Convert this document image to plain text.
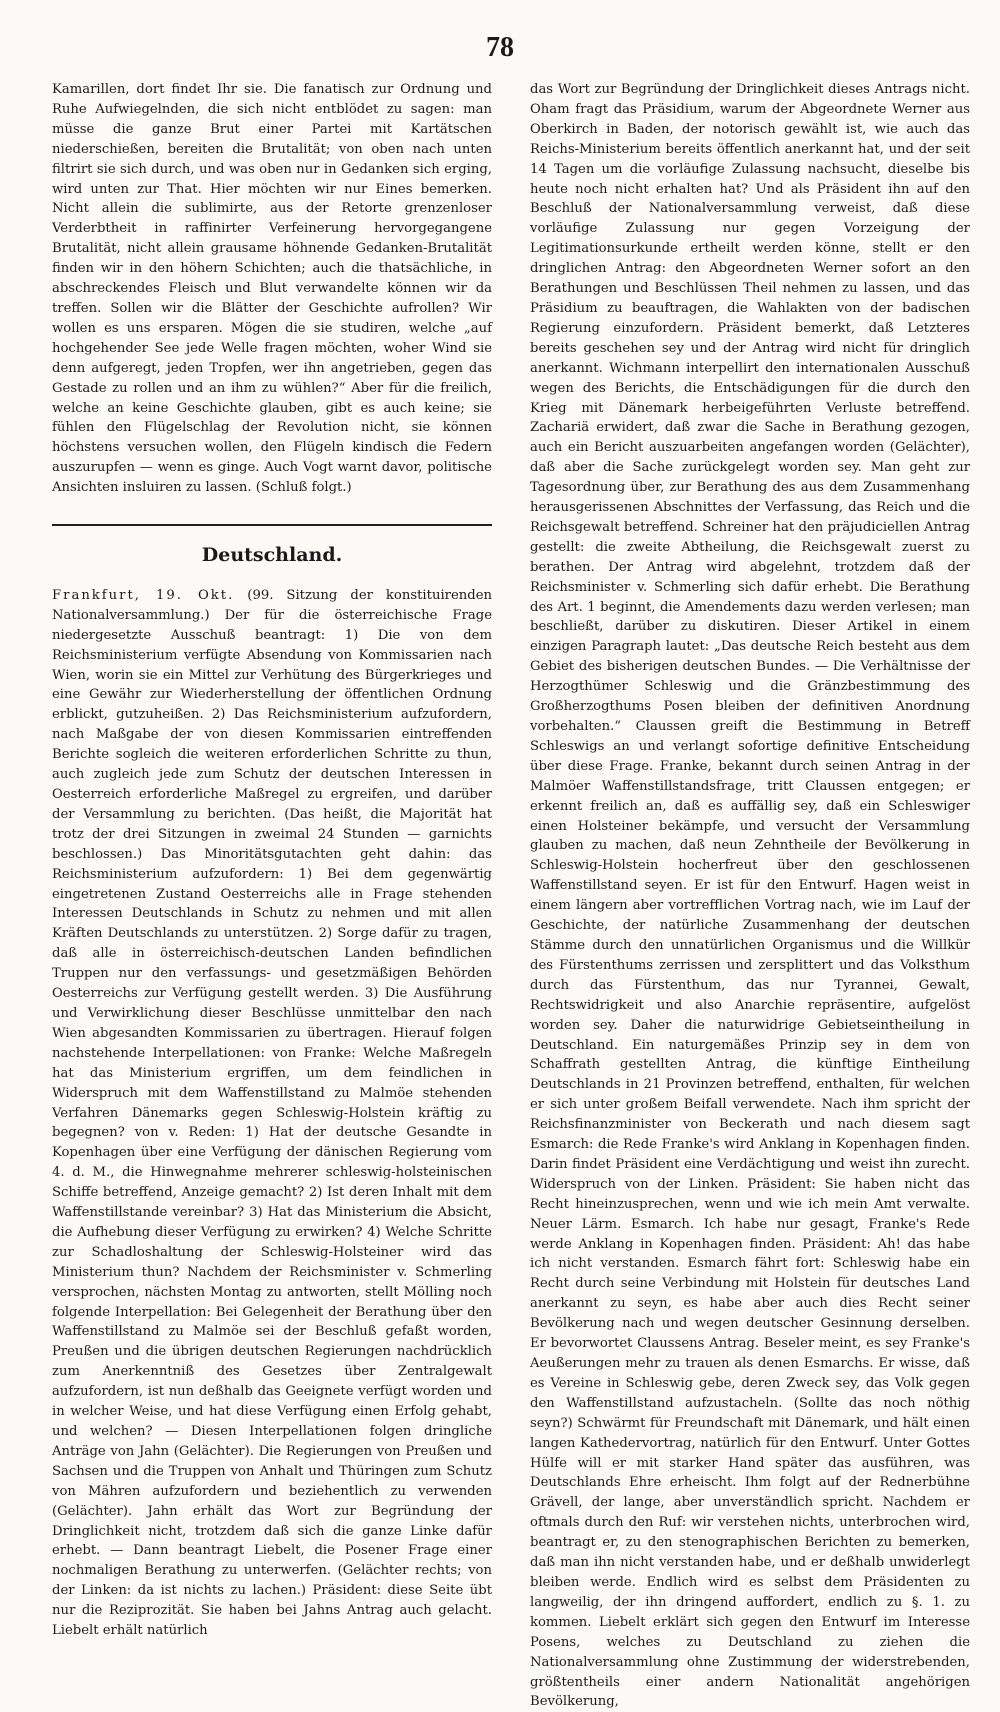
78

Kamarillen, dort findet Ihr sie. Die fanatisch zur Ordnung und Ruhe Aufwiegelnden, die sich nicht entblödet zu sagen: man müsse die ganze Brut einer Partei mit Kartätschen niederschießen, bereiten die Brutalität; von oben nach unten filtrirt sie sich durch, und was oben nur in Gedanken sich erging, wird unten zur That. Hier möchten wir nur Eines bemerken. Nicht allein die sublimirte, aus der Retorte grenzenloser Verderbtheit in raffinirter Verfeinerung hervorgegangene Brutalität, nicht allein grausame höhnende Gedanken-Brutalität finden wir in den höhern Schichten; auch die thatsächliche, in abschreckendes Fleisch und Blut verwandelte können wir da treffen. Sollen wir die Blätter der Geschichte aufrollen? Wir wollen es uns ersparen. Mögen die sie studiren, welche „auf hochgehender See jede Welle fragen möchten, woher Wind sie denn aufgeregt, jeden Tropfen, wer ihn angetrieben, gegen das Gestade zu rollen und an ihm zu wühlen?“ Aber für die freilich, welche an keine Geschichte glauben, gibt es auch keine; sie fühlen den Flügelschlag der Revolution nicht, sie können höchstens versuchen wollen, den Flügeln kindisch die Federn auszurupfen — wenn es ginge. Auch Vogt warnt davor, politische Ansichten insluiren zu lassen. (Schluß folgt.)

Deutschland.

Frankfurt, 19. Okt. (99. Sitzung der konstituirenden Nationalversammlung.) Der für die österreichische Frage niedergesetzte Ausschuß beantragt: 1) Die von dem Reichsministerium verfügte Absendung von Kommissarien nach Wien, worin sie ein Mittel zur Verhütung des Bürgerkrieges und eine Gewähr zur Wiederherstellung der öffentlichen Ordnung erblickt, gutzuheißen. 2) Das Reichsministerium aufzufordern, nach Maßgabe der von diesen Kommissarien eintreffenden Berichte sogleich die weiteren erforderlichen Schritte zu thun, auch zugleich jede zum Schutz der deutschen Interessen in Oesterreich erforderliche Maßregel zu ergreifen, und darüber der Versammlung zu berichten. (Das heißt, die Majorität hat trotz der drei Sitzungen in zweimal 24 Stunden — garnichts beschlossen.) Das Minoritätsgutachten geht dahin: das Reichsministerium aufzufordern: 1) Bei dem gegenwärtig eingetretenen Zustand Oesterreichs alle in Frage stehenden Interessen Deutschlands in Schutz zu nehmen und mit allen Kräften Deutschlands zu unterstützen. 2) Sorge dafür zu tragen, daß alle in österreichisch-deutschen Landen befindlichen Truppen nur den verfassungs- und gesetzmäßigen Behörden Oesterreichs zur Verfügung gestellt werden. 3) Die Ausführung und Verwirklichung dieser Beschlüsse unmittelbar den nach Wien abgesandten Kommissarien zu übertragen. Hierauf folgen nachstehende Interpellationen: von Franke: Welche Maßregeln hat das Ministerium ergriffen, um dem feindlichen in Widerspruch mit dem Waffenstillstand zu Malmöe stehenden Verfahren Dänemarks gegen Schleswig-Holstein kräftig zu begegnen? von v. Reden: 1) Hat der deutsche Gesandte in Kopenhagen über eine Verfügung der dänischen Regierung vom 4. d. M., die Hinwegnahme mehrerer schleswig-holsteinischen Schiffe betreffend, Anzeige gemacht? 2) Ist deren Inhalt mit dem Waffenstillstande vereinbar? 3) Hat das Ministerium die Absicht, die Aufhebung dieser Verfügung zu erwirken? 4) Welche Schritte zur Schadloshaltung der Schleswig-Holsteiner wird das Ministerium thun? Nachdem der Reichsminister v. Schmerling versprochen, nächsten Montag zu antworten, stellt Mölling noch folgende Interpellation: Bei Gelegenheit der Berathung über den Waffenstillstand zu Malmöe sei der Beschluß gefaßt worden, Preußen und die übrigen deutschen Regierungen nachdrücklich zum Anerkenntniß des Gesetzes über Zentralgewalt aufzufordern, ist nun deßhalb das Geeignete verfügt worden und in welcher Weise, und hat diese Verfügung einen Erfolg gehabt, und welchen? — Diesen Interpellationen folgen dringliche Anträge von Jahn (Gelächter). Die Regierungen von Preußen und Sachsen und die Truppen von Anhalt und Thüringen zum Schutz von Mähren aufzufordern und beziehentlich zu verwenden (Gelächter). Jahn erhält das Wort zur Begründung der Dringlichkeit nicht, trotzdem daß sich die ganze Linke dafür erhebt. — Dann beantragt Liebelt, die Posener Frage einer nochmaligen Berathung zu unterwerfen. (Gelächter rechts; von der Linken: da ist nichts zu lachen.) Präsident: diese Seite übt nur die Reziprozität. Sie haben bei Jahns Antrag auch gelacht. Liebelt erhält natürlich

das Wort zur Begründung der Dringlichkeit dieses Antrags nicht. Oham fragt das Präsidium, warum der Abgeordnete Werner aus Oberkirch in Baden, der notorisch gewählt ist, wie auch das Reichs-Ministerium bereits öffentlich anerkannt hat, und der seit 14 Tagen um die vorläufige Zulassung nachsucht, dieselbe bis heute noch nicht erhalten hat? Und als Präsident ihn auf den Beschluß der Nationalversammlung verweist, daß diese vorläufige Zulassung nur gegen Vorzeigung der Legitimationsurkunde ertheilt werden könne, stellt er den dringlichen Antrag: den Abgeordneten Werner sofort an den Berathungen und Beschlüssen Theil nehmen zu lassen, und das Präsidium zu beauftragen, die Wahlakten von der badischen Regierung einzufordern. Präsident bemerkt, daß Letzteres bereits geschehen sey und der Antrag wird nicht für dringlich anerkannt. Wichmann interpellirt den internationalen Ausschuß wegen des Berichts, die Entschädigungen für die durch den Krieg mit Dänemark herbeigeführten Verluste betreffend. Zachariä erwidert, daß zwar die Sache in Berathung gezogen, auch ein Bericht auszuarbeiten angefangen worden (Gelächter), daß aber die Sache zurückgelegt worden sey. Man geht zur Tagesordnung über, zur Berathung des aus dem Zusammenhang herausgerissenen Abschnittes der Verfassung, das Reich und die Reichsgewalt betreffend. Schreiner hat den präjudiciellen Antrag gestellt: die zweite Abtheilung, die Reichsgewalt zuerst zu berathen. Der Antrag wird abgelehnt, trotzdem daß der Reichsminister v. Schmerling sich dafür erhebt. Die Berathung des Art. 1 beginnt, die Amendements dazu werden verlesen; man beschließt, darüber zu diskutiren. Dieser Artikel in einem einzigen Paragraph lautet: „Das deutsche Reich besteht aus dem Gebiet des bisherigen deutschen Bundes. — Die Verhältnisse der Herzogthümer Schleswig und die Gränzbestimmung des Großherzogthums Posen bleiben der definitiven Anordnung vorbehalten.“ Claussen greift die Bestimmung in Betreff Schleswigs an und verlangt sofortige definitive Entscheidung über diese Frage. Franke, bekannt durch seinen Antrag in der Malmöer Waffenstillstandsfrage, tritt Claussen entgegen; er erkennt freilich an, daß es auffällig sey, daß ein Schleswiger einen Holsteiner bekämpfe, und versucht der Versammlung glauben zu machen, daß neun Zehntheile der Bevölkerung in Schleswig-Holstein hocherfreut über den geschlossenen Waffenstillstand seyen. Er ist für den Entwurf. Hagen weist in einem längern aber vortrefflichen Vortrag nach, wie im Lauf der Geschichte, der natürliche Zusammenhang der deutschen Stämme durch den unnatürlichen Organismus und die Willkür des Fürstenthums zerrissen und zersplittert und das Volksthum durch das Fürstenthum, das nur Tyrannei, Gewalt, Rechtswidrigkeit und also Anarchie repräsentire, aufgelöst worden sey. Daher die naturwidrige Gebietseintheilung in Deutschland. Ein naturgemäßes Prinzip sey in dem von Schaffrath gestellten Antrag, die künftige Eintheilung Deutschlands in 21 Provinzen betreffend, enthalten, für welchen er sich unter großem Beifall verwendete. Nach ihm spricht der Reichsfinanzminister von Beckerath und nach diesem sagt Esmarch: die Rede Franke's wird Anklang in Kopenhagen finden. Darin findet Präsident eine Verdächtigung und weist ihn zurecht. Widerspruch von der Linken. Präsident: Sie haben nicht das Recht hineinzusprechen, wenn und wie ich mein Amt verwalte. Neuer Lärm. Esmarch. Ich habe nur gesagt, Franke's Rede werde Anklang in Kopenhagen finden. Präsident: Ah! das habe ich nicht verstanden. Esmarch fährt fort: Schleswig habe ein Recht durch seine Verbindung mit Holstein für deutsches Land anerkannt zu seyn, es habe aber auch dies Recht seiner Bevölkerung nach und wegen deutscher Gesinnung derselben. Er bevorwortet Claussens Antrag. Beseler meint, es sey Franke's Aeußerungen mehr zu trauen als denen Esmarchs. Er wisse, daß es Vereine in Schleswig gebe, deren Zweck sey, das Volk gegen den Waffenstillstand aufzustacheln. (Sollte das noch nöthig seyn?) Schwärmt für Freundschaft mit Dänemark, und hält einen langen Kathedervortrag, natürlich für den Entwurf. Unter Gottes Hülfe will er mit starker Hand später das ausführen, was Deutschlands Ehre erheischt. Ihm folgt auf der Rednerbühne Grävell, der lange, aber unverständlich spricht. Nachdem er oftmals durch den Ruf: wir verstehen nichts, unterbrochen wird, beantragt er, zu den stenographischen Berichten zu bemerken, daß man ihn nicht verstanden habe, und er deßhalb unwiderlegt bleiben werde. Endlich wird es selbst dem Präsidenten zu langweilig, der ihn dringend auffordert, endlich zu §. 1. zu kommen. Liebelt erklärt sich gegen den Entwurf im Interesse Posens, welches zu Deutschland zu ziehen die Nationalversammlung ohne Zustimmung der widerstrebenden, größtentheils einer andern Nationalität angehörigen Bevölkerung,
